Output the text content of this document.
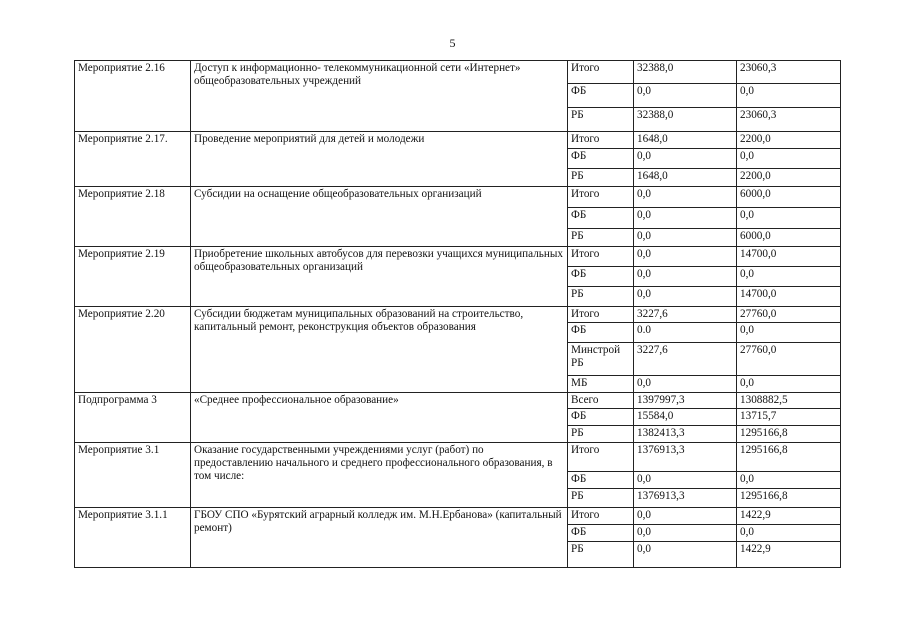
5
Мероприятие 2.16	Доступ к информационно- телекоммуникационной сети «Интернет» общеобразовательных учреждений	Итого	32388,0	23060,3
		ФБ	0,0	0,0
		РБ	32388,0	23060,3
Мероприятие 2.17.	Проведение мероприятий для детей и молодежи	Итого	1648,0	2200,0
		ФБ	0,0	0,0
		РБ	1648,0	2200,0
Мероприятие 2.18	Субсидии на оснащение общеобразовательных организаций	Итого	0,0	6000,0
		ФБ	0,0	0,0
		РБ	0,0	6000,0
Мероприятие 2.19	Приобретение школьных автобусов для перевозки учащихся муниципальных общеобразовательных организаций	Итого	0,0	14700,0
		ФБ	0,0	0,0
		РБ	0,0	14700,0
Мероприятие 2.20	Субсидии бюджетам муниципальных образований на строительство, капитальный ремонт, реконструкция объектов образования	Итого	3227,6	27760,0
		ФБ	0.0	0,0
		Минстрой РБ	3227,6	27760,0
		МБ	0,0	0,0
Подпрограмма 3	«Среднее профессиональное образование»	Всего	1397997,3	1308882,5
		ФБ	15584,0	13715,7
		РБ	1382413,3	1295166,8
Мероприятие 3.1	Оказание государственными учреждениями услуг (работ) по предоставлению начального и среднего профессионального образования, в том числе:	Итого	1376913,3	1295166,8
		ФБ	0,0	0,0
		РБ	1376913,3	1295166,8
Мероприятие 3.1.1	ГБОУ СПО «Бурятский аграрный колледж им. М.Н.Ербанова» (капитальный ремонт)	Итого	0,0	1422,9
		ФБ	0,0	0,0
		РБ	0,0	1422,9
